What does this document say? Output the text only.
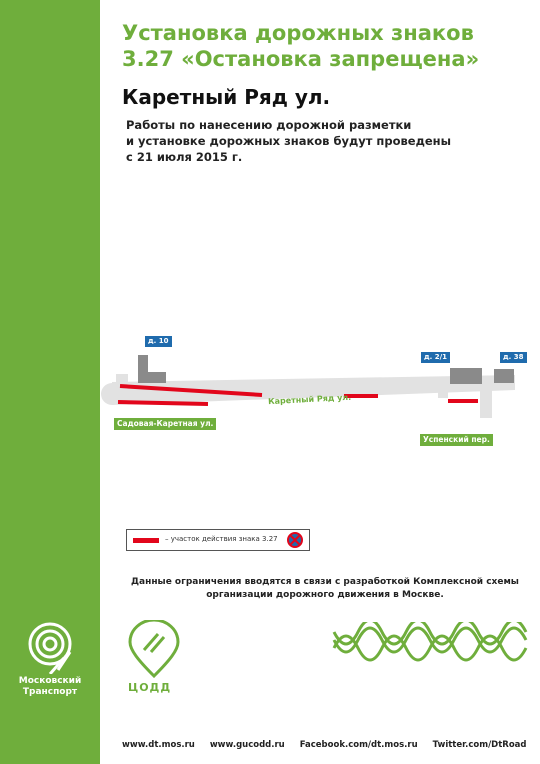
Московский
Транспорт
Установка дорожных знаков
3.27 «Остановка запрещена»
Каретный Ряд ул.

Работы по нанесению дорожной разметки
и установке дорожных знаков будут проведены
с 21 июля 2015 г.

д. 10
д. 2/1	д. 38
Каретный Ряд ул.
Садовая-Каретная ул.
Успенский пер.
– участок действия знака 3.27
Данные ограничения вводятся в связи с разработкой Комплексной схемы
организации дорожного движения в Москве.
ЦОДД
www.dt.mos.ru www.gucodd.ru Facebook.com/dt.mos.ru Twitter.com/DtRoad
